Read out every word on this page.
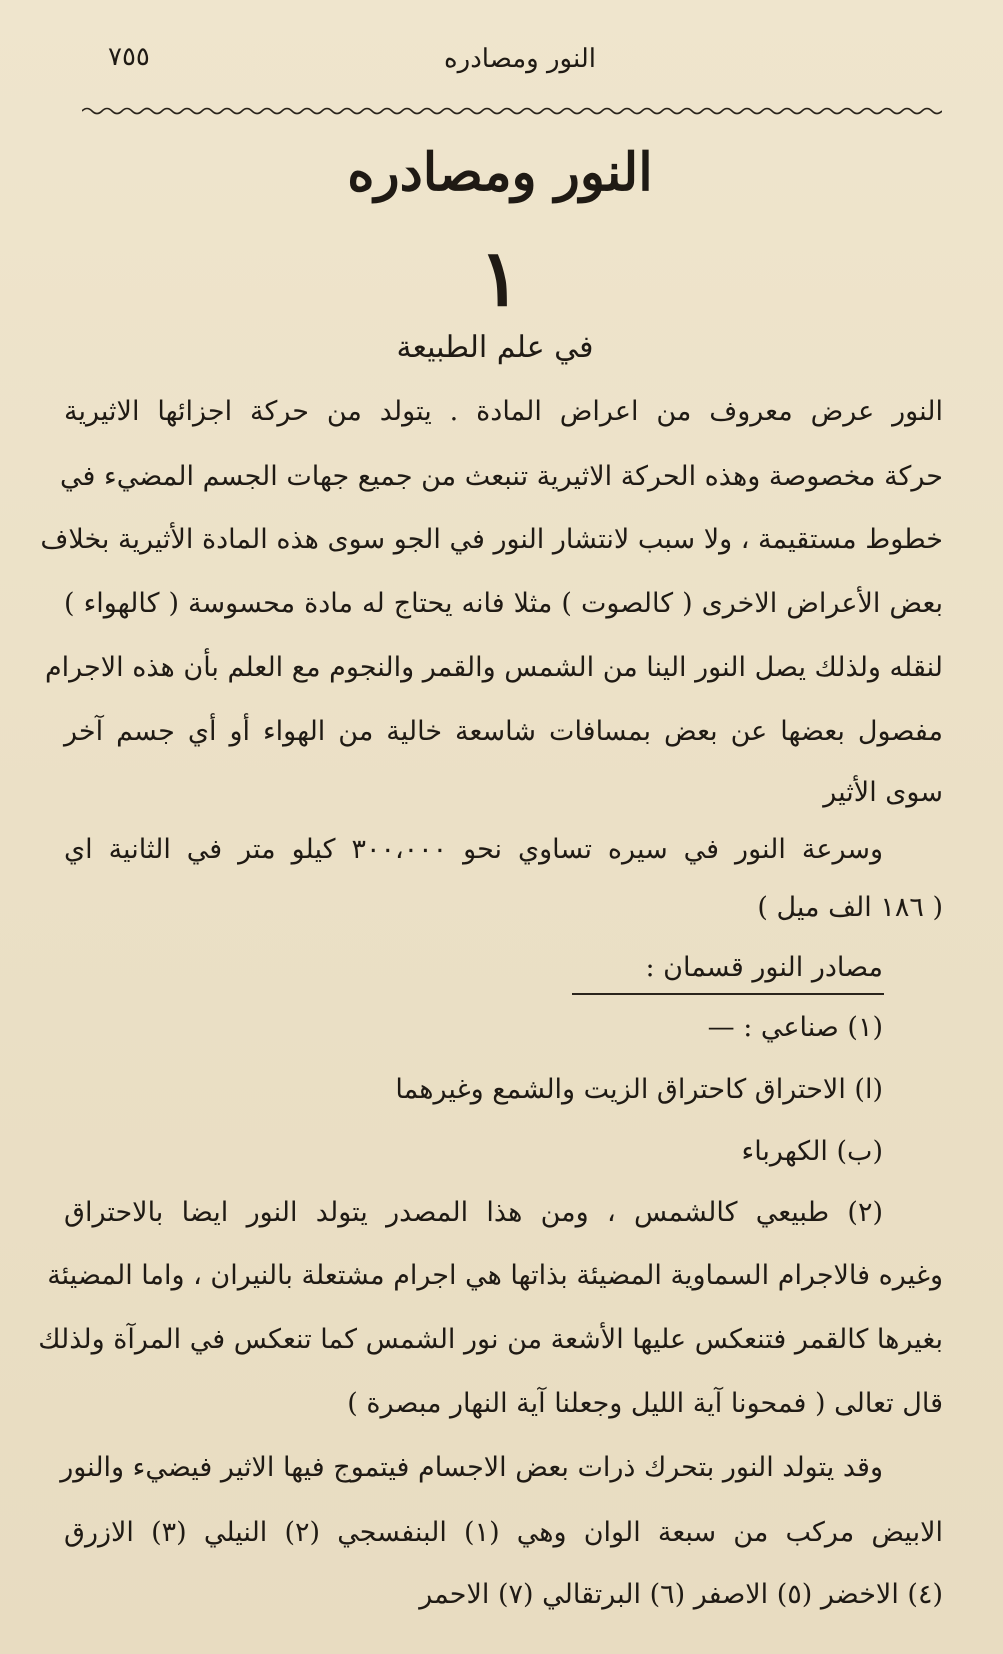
٧٥٥	النور ومصادره
النور ومصادره
١
في علم الطبيعة
النور عرض معروف من اعراض المادة . يتولد من حركة اجزائها الاثيرية
حركة مخصوصة وهذه الحركة الاثيرية تنبعث من جميع جهات الجسم المضيء في
خطوط مستقيمة ، ولا سبب لانتشار النور في الجو سوى هذه المادة الأثيرية بخلاف
بعض الأعراض الاخرى ( كالصوت ) مثلا فانه يحتاج له مادة محسوسة ( كالهواء )
لنقله ولذلك يصل النور الينا من الشمس والقمر والنجوم مع العلم بأن هذه الاجرام
مفصول بعضها عن بعض بمسافات شاسعة خالية من الهواء أو أي جسم آخر
سوى الأثير
وسرعة النور في سيره تساوي نحو ٣٠٠،٠٠٠ كيلو متر في الثانية اي
( ١٨٦ الف ميل )
مصادر النور قسمان :
(١) صناعي : —
(ا) الاحتراق كاحتراق الزيت والشمع وغيرهما
(ب) الكهرباء
(٢) طبيعي كالشمس ، ومن هذا المصدر يتولد النور ايضا بالاحتراق
وغيره فالاجرام السماوية المضيئة بذاتها هي اجرام مشتعلة بالنيران ، واما المضيئة
بغيرها كالقمر فتنعكس عليها الأشعة من نور الشمس كما تنعكس في المرآة ولذلك
قال تعالى ( فمحونا آية الليل وجعلنا آية النهار مبصرة )
وقد يتولد النور بتحرك ذرات بعض الاجسام فيتموج فيها الاثير فيضيء والنور
الابيض مركب من سبعة الوان وهي (١) البنفسجي (٢) النيلي (٣) الازرق
(٤) الاخضر (٥) الاصفر (٦) البرتقالي (٧) الاحمر
